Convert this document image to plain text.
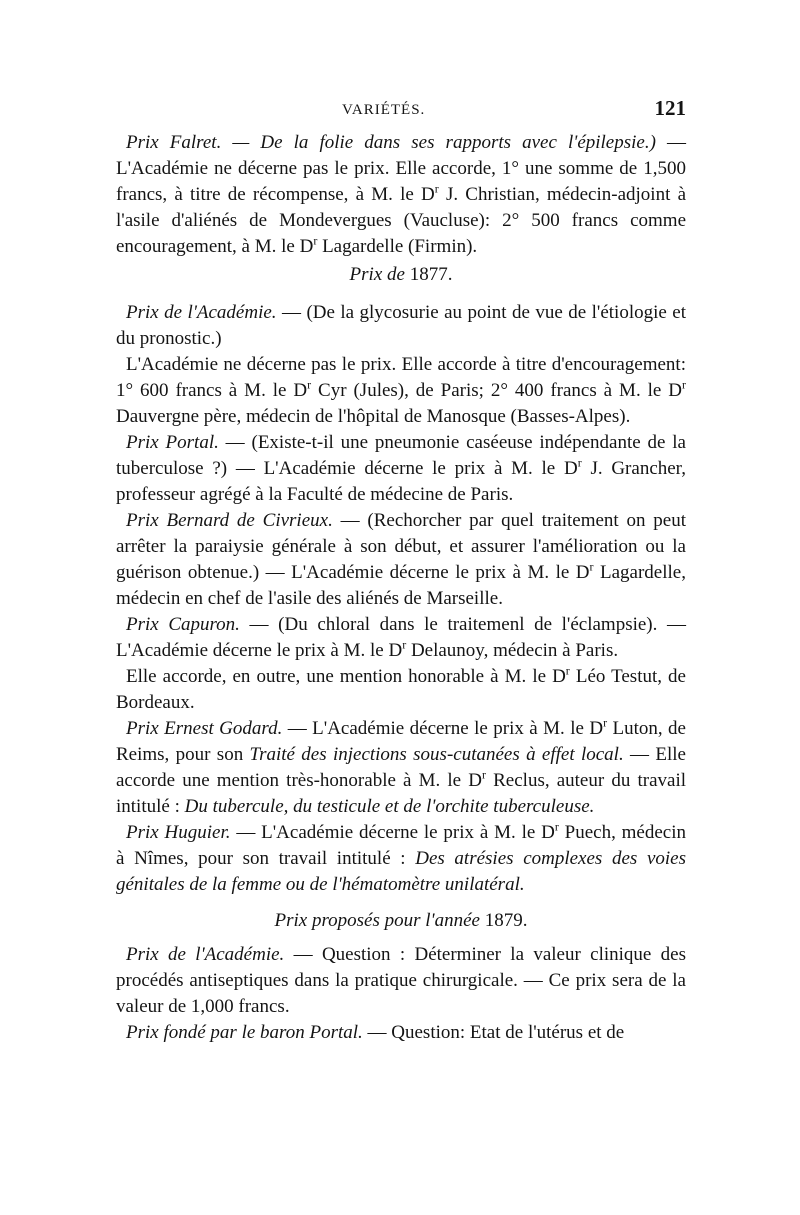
VARIÉTÉS.	121

Prix Falret. — De la folie dans ses rapports avec l'épilepsie.) — L'Académie ne décerne pas le prix. Elle accorde, 1° une somme de 1,500 francs, à titre de récompense, à M. le $D^r$ J. Christian, médecin-adjoint à l'asile d'aliénés de Mondevergues (Vaucluse): 2° 500 francs comme encouragement, à M. le $D^r$ Lagardelle (Firmin).

Prix de 1877.

Prix de l'Académie. — (De la glycosurie au point de vue de l'étiologie et du pronostic.)

L'Académie ne décerne pas le prix. Elle accorde à titre d'encouragement: 1° 600 francs à M. le $D^r$ Cyr (Jules), de Paris; 2° 400 francs à M. le $D^r$ Dauvergne père, médecin de l'hôpital de Manosque (Basses-Alpes).

Prix Portal. — (Existe-t-il une pneumonie caséeuse indépendante de la tuberculose ?) — L'Académie décerne le prix à M. le $D^r$ J. Grancher, professeur agrégé à la Faculté de médecine de Paris.

Prix Bernard de Civrieux. — (Rechorcher par quel traitement on peut arrêter la paraiysie générale à son début, et assurer l'amélioration ou la guérison obtenue.) — L'Académie décerne le prix à M. le $D^r$ Lagardelle, médecin en chef de l'asile des aliénés de Marseille.

Prix Capuron. — (Du chloral dans le traitemenl de l'éclampsie). — L'Académie décerne le prix à M. le $D^r$ Delaunoy, médecin à Paris.

Elle accorde, en outre, une mention honorable à M. le $D^r$ Léo Testut, de Bordeaux.

Prix Ernest Godard. — L'Académie décerne le prix à M. le $D^r$ Luton, de Reims, pour son Traité des injections sous-cutanées à effet local. — Elle accorde une mention très-honorable à M. le $D^r$ Reclus, auteur du travail intitulé : Du tubercule, du testicule et de l'orchite tuberculeuse.

Prix Huguier. — L'Académie décerne le prix à M. le $D^r$ Puech, médecin à Nîmes, pour son travail intitulé : Des atrésies complexes des voies génitales de la femme ou de l'hématomètre unilatéral.

Prix proposés pour l'année 1879.

Prix de l'Académie. — Question : Déterminer la valeur clinique des procédés antiseptiques dans la pratique chirurgicale. — Ce prix sera de la valeur de 1,000 francs.

Prix fondé par le baron Portal. — Question: Etat de l'utérus et de
